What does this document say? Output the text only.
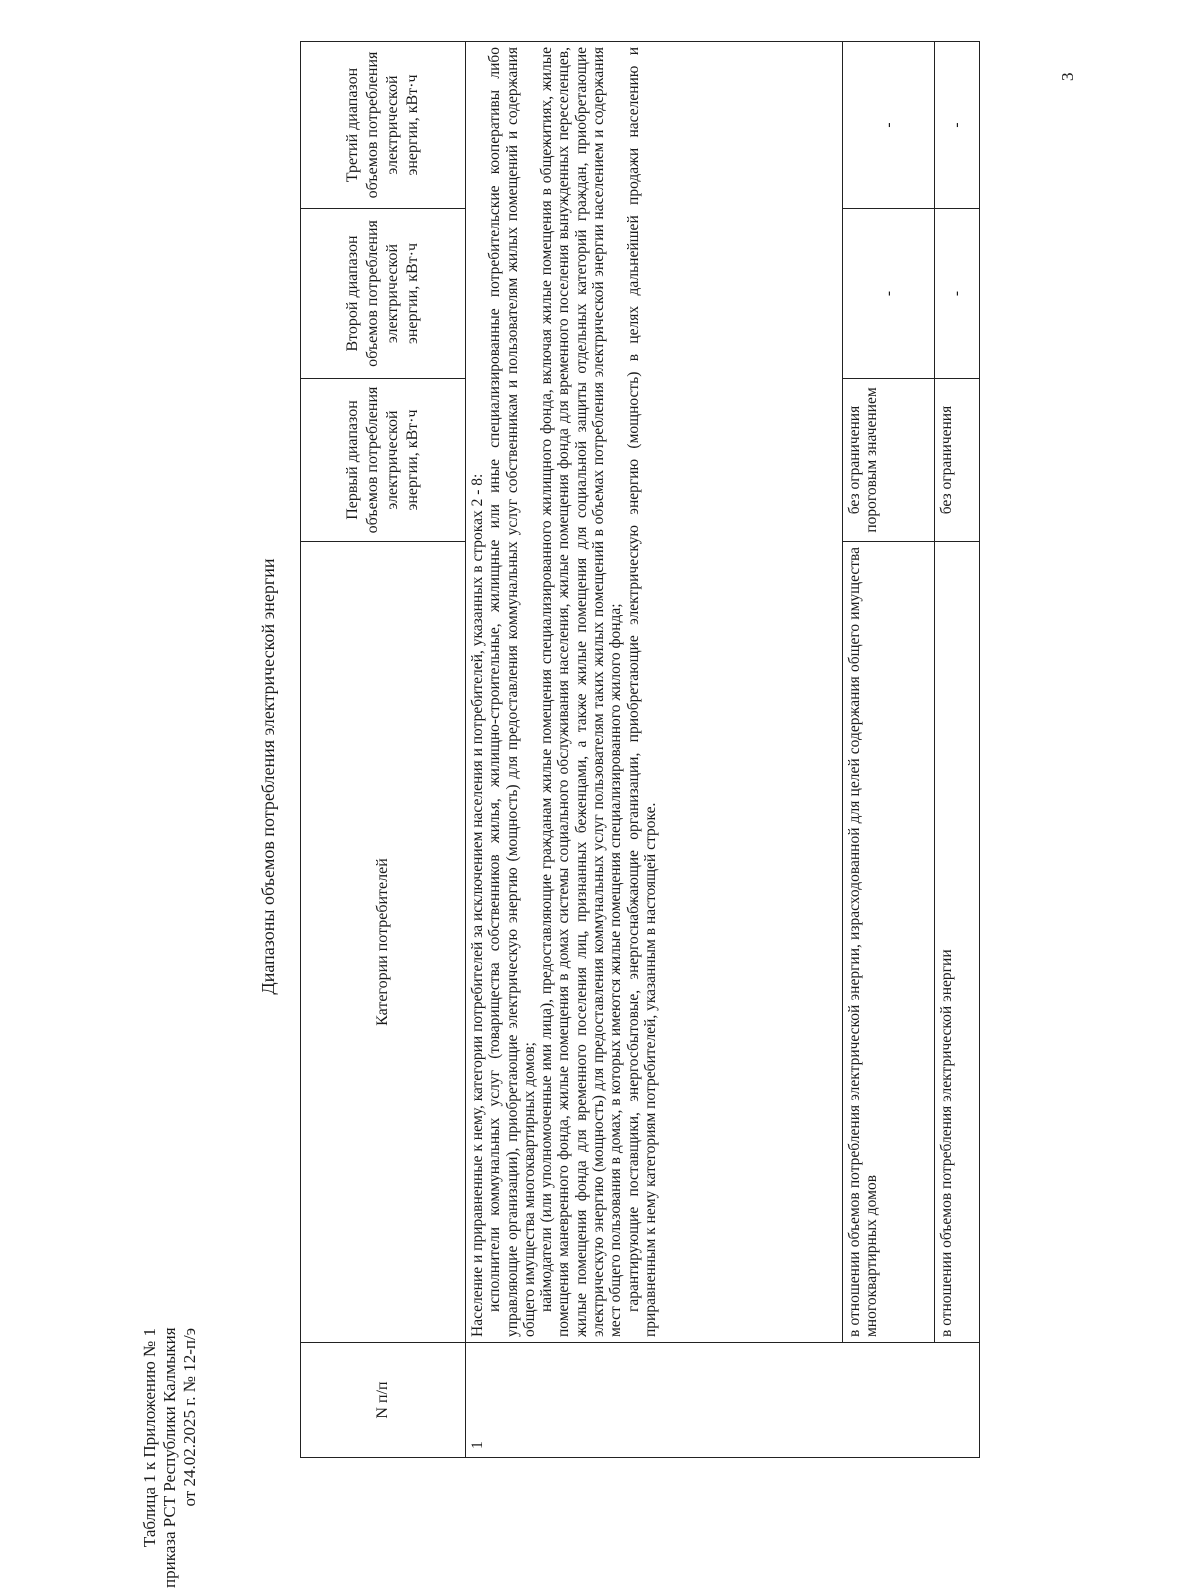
Таблица 1 к Приложению № 1 приказа РСТ Республики Калмыкия от 24.02.2025 г. № 12-п/э
Диапазоны объемов потребления электрической энергии
N п/п	Категории потребителей	Первый диапазон объемов потребления электрической энергии, кВт·ч	Второй диапазон объемов потребления электрической энергии, кВт·ч	Третий диапазон объемов потребления электрической энергии, кВт·ч
1	Население и приравненные к нему, категории потребителей за исключением населения и потребителей, указанных в строках 2 - 8: исполнители коммунальных услуг (товарищества собственников жилья, жилищно-строительные, жилищные или иные специализированные потребительские кооперативы либо управляющие организации), приобретающие электрическую энергию (мощность) для предоставления коммунальных услуг собственникам и пользователям жилых помещений и содержания общего имущества многоквартирных домов; наймодатели (или уполномоченные ими лица), предоставляющие гражданам жилые помещения специализированного жилищного фонда, включая жилые помещения в общежитиях, жилые помещения маневренного фонда, жилые помещения в домах системы социального обслуживания населения, жилые помещения фонда для временного поселения вынужденных переселенцев, жилые помещения фонда для временного поселения лиц, признанных беженцами, а также жилые помещения для социальной защиты отдельных категорий граждан, приобретающие электрическую энергию (мощность) для предоставления коммунальных услуг пользователям таких жилых помещений в объемах потребления электрической энергии населением и содержания мест общего пользования в домах, в которых имеются жилые помещения специализированного жилого фонда; гарантирующие поставщики, энергосбытовые, энергоснабжающие организации, приобретающие электрическую энергию (мощность) в целях дальнейшей продажи населению и приравненным к нему категориям потребителей, указанным в настоящей строке.			

	в отношении объемов потребления электрической энергии, израсходованной для целей содержания общего имущества многоквартирных домов	без ограничения пороговым значением	-	-
	в отношении объемов потребления электрической энергии	без ограничения	-	-
3
